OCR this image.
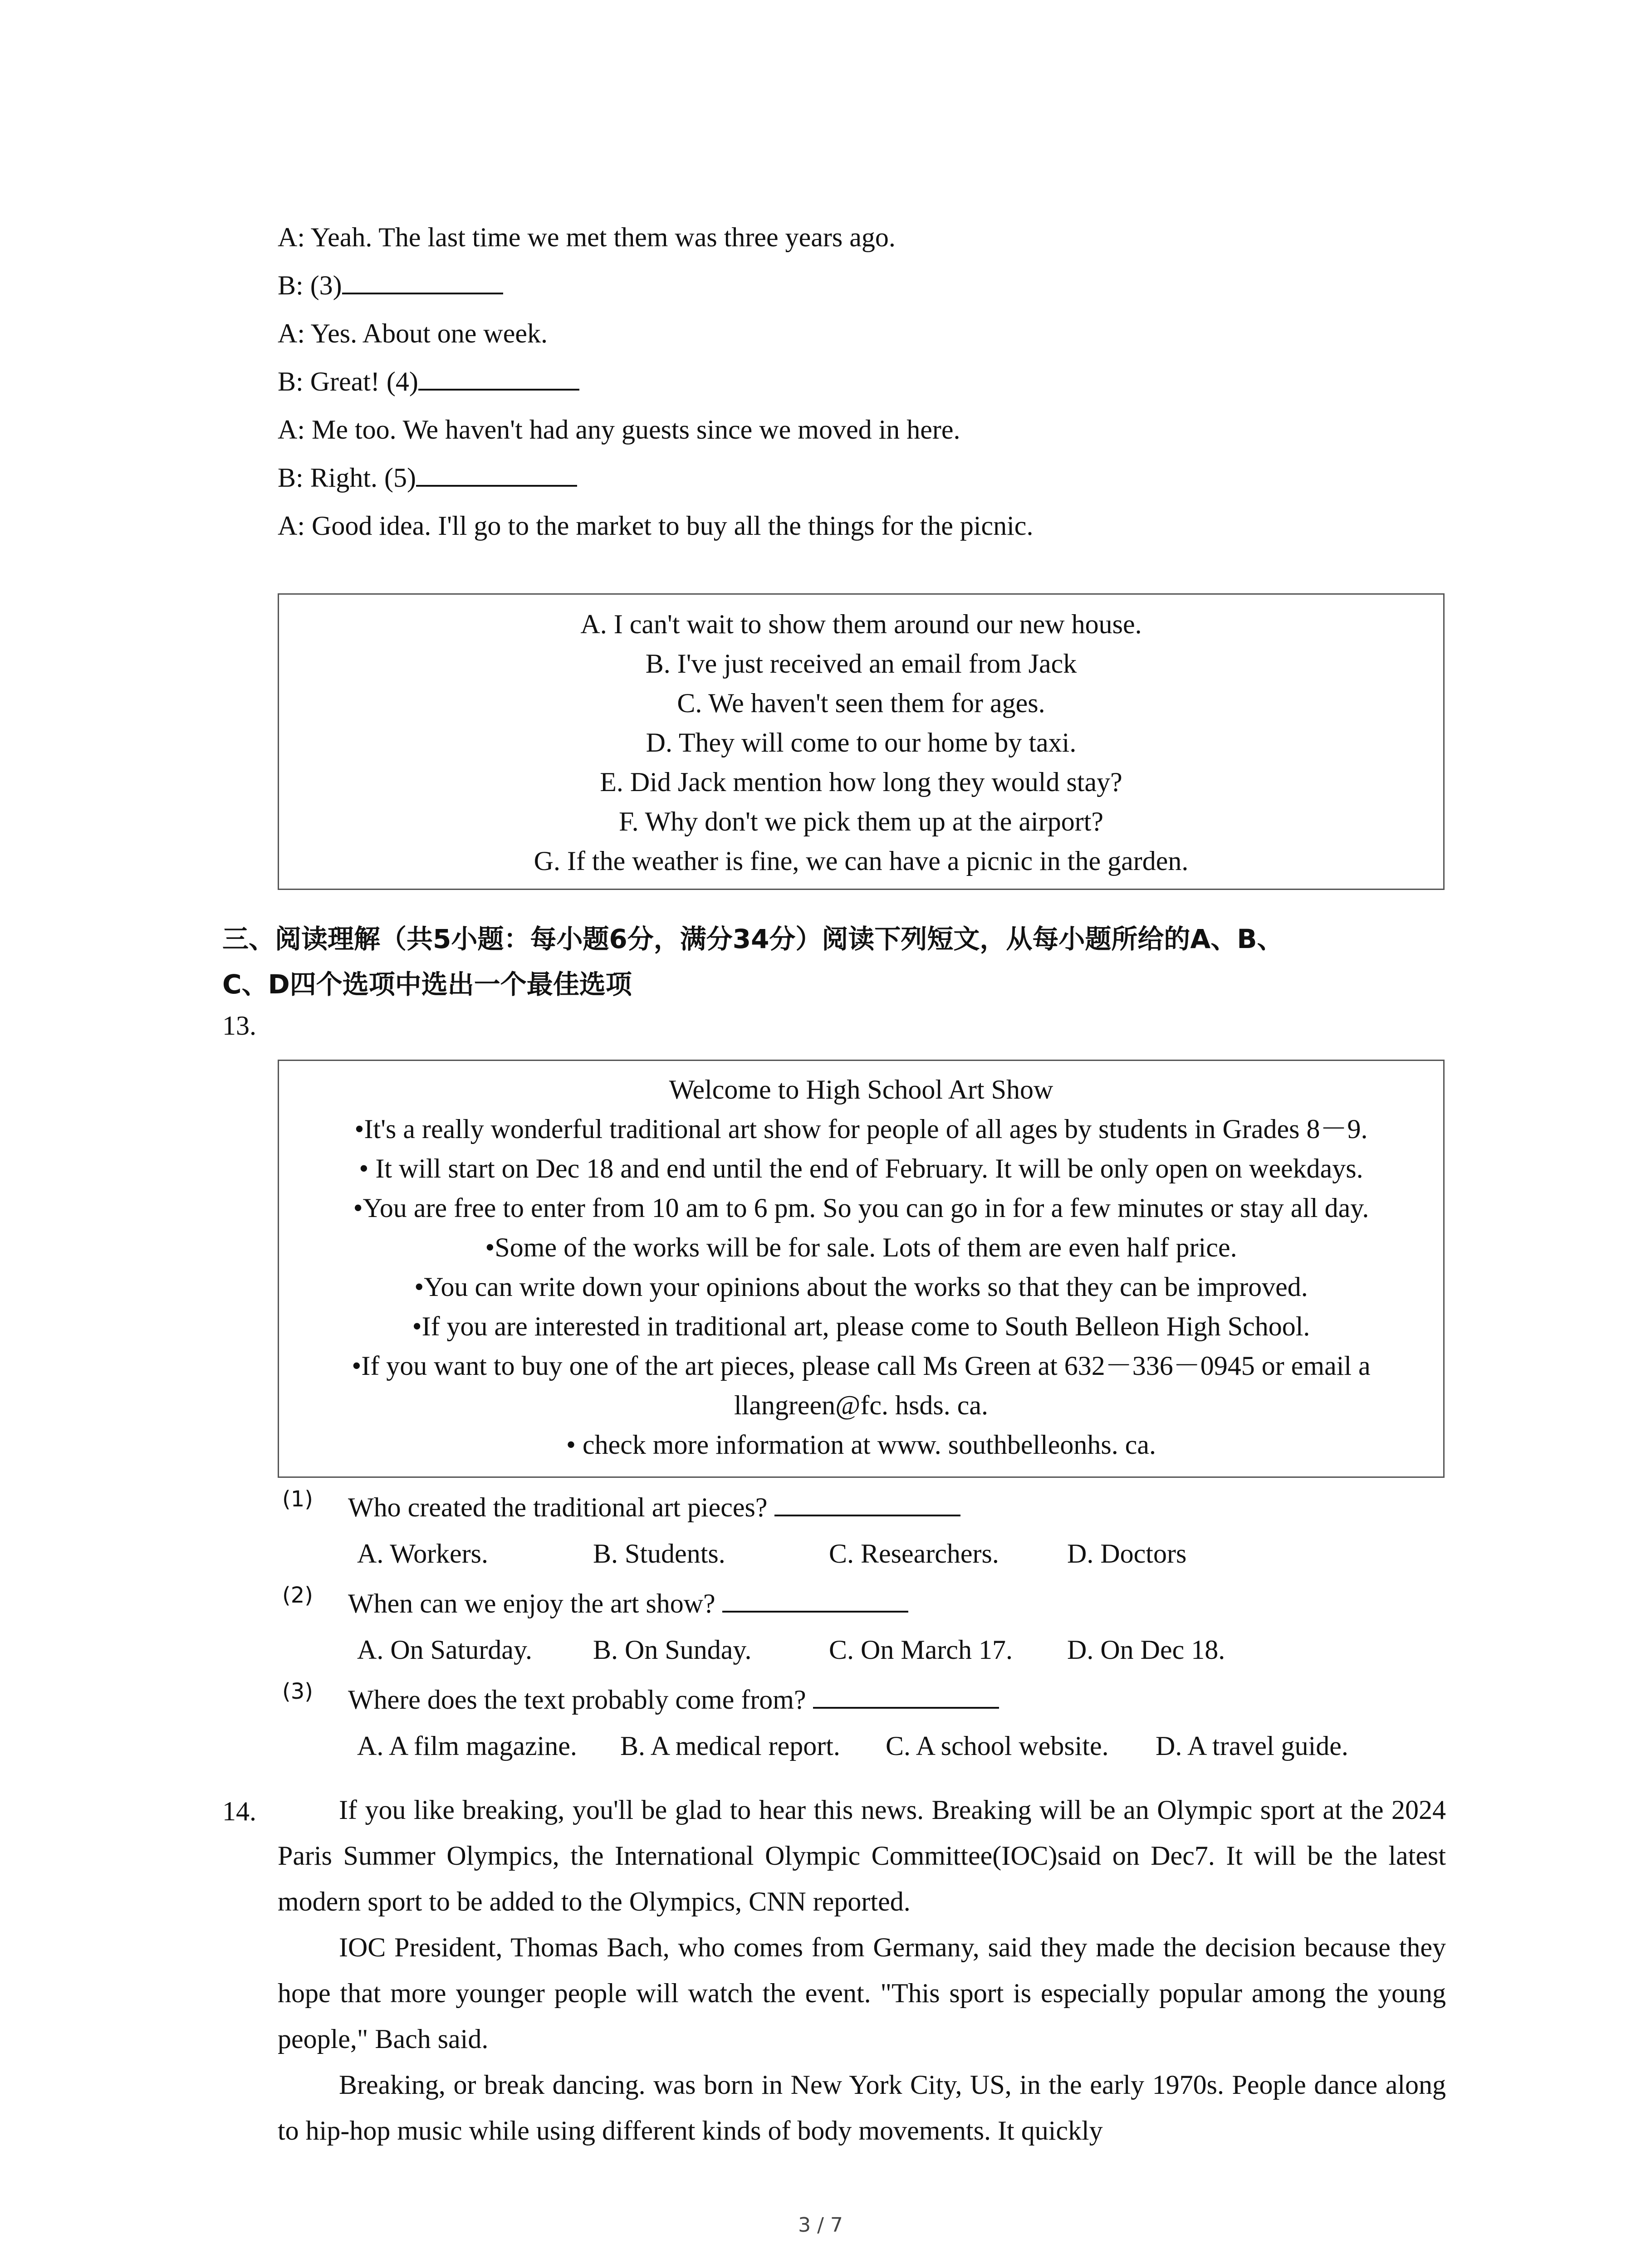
A: Yeah. The last time we met them was three years ago.
B: (3)
A: Yes. About one week.
B: Great! (4)
A: Me too. We haven't had any guests since we moved in here.
B: Right. (5)
A: Good idea. I'll go to the market to buy all the things for the picnic.
A. I can't wait to show them around our new house.
B. I've just received an email from Jack
C. We haven't seen them for ages.
D. They will come to our home by taxi.
E. Did Jack mention how long they would stay?
F. Why don't we pick them up at the airport?
G. If the weather is fine, we can have a picnic in the garden.
三、阅读理解（共5小题：每小题6分，满分34分）阅读下列短文，从每小题所给的A、B、
C、D四个选项中选出一个最佳选项
13.
Welcome to High School Art Show
•It's a really wonderful traditional art show for people of all ages by students in Grades 8－9.
• It will start on Dec 18 and end until the end of February. It will be only open on weekdays.
•You are free to enter from 10 am to 6 pm. So you can go in for a few minutes or stay all day.
•Some of the works will be for sale. Lots of them are even half price.
•You can write down your opinions about the works so that they can be improved.
•If you are interested in traditional art, please come to South Belleon High School.
•If you want to buy one of the art pieces, please call Ms Green at 632－336－0945 or email a
llangreen@fc. hsds. ca.
• check more information at www. southbelleonhs. ca.
(1) Who created the traditional art pieces?
A. Workers.	B. Students.	C. Researchers.	D. Doctors
(2) When can we enjoy the art show?
A. On Saturday. B. On Sunday.	C. On March 17. D. On Dec 18.
(3) Where does the text probably come from?
A. A film magazine. B. A medical report. C. A school website. D. A travel guide.
14.	If you like breaking, you'll be glad to hear this news. Breaking will be an Olympic sport at the 2024 Paris Summer Olympics, the International Olympic Committee(IOC)said on Dec7. It will be the latest modern sport to be added to the Olympics, CNN reported.

IOC President, Thomas Bach, who comes from Germany, said they made the decision because they hope that more younger people will watch the event. "This sport is especially popular among the young people," Bach said.

Breaking, or break dancing. was born in New York City, US, in the early 1970s. People dance along to hip-hop music while using different kinds of body movements. It quickly

3 / 7
